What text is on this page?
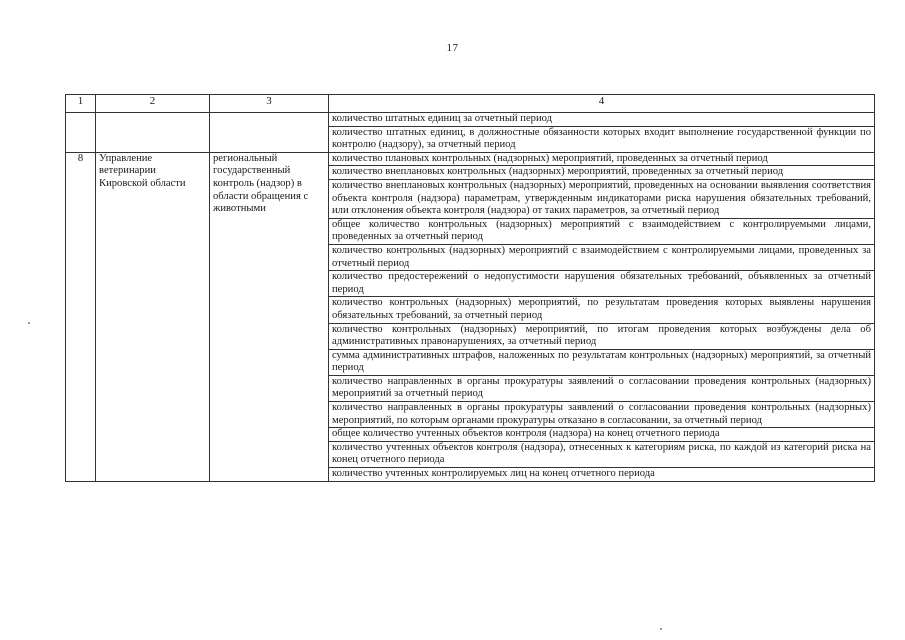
17
1	2	3	4
			количество штатных единиц за отчетный период
			количество штатных единиц, в должностные обязанности которых входит выполнение государственной функции по контролю (надзору), за отчетный период
8	Управление ветеринарии Кировской области	региональный государственный контроль (надзор) в области обращения с животными	количество плановых контрольных (надзорных) мероприятий, проведенных за отчетный период
			количество внеплановых контрольных (надзорных) мероприятий, проведенных за отчетный период
			количество внеплановых контрольных (надзорных) мероприятий, проведенных на основании выявления соответствия объекта контроля (надзора) параметрам, утвержденным индикаторами риска нарушения обязательных требований, или отклонения объекта контроля (надзора) от таких параметров, за отчетный период
			общее количество контрольных (надзорных) мероприятий с взаимодействием с контролируемыми лицами, проведенных за отчетный период
			количество контрольных (надзорных) мероприятий с взаимодействием с контролируемыми лицами, проведенных за отчетный период
			количество предостережений о недопустимости нарушения обязательных требований, объявленных за отчетный период
			количество контрольных (надзорных) мероприятий, по результатам проведения которых выявлены нарушения обязательных требований, за отчетный период
			количество контрольных (надзорных) мероприятий, по итогам проведения которых возбуждены дела об административных правонарушениях, за отчетный период
			сумма административных штрафов, наложенных по результатам контрольных (надзорных) мероприятий, за отчетный период
			количество направленных в органы прокуратуры заявлений о согласовании проведения контрольных (надзорных) мероприятий за отчетный период
			количество направленных в органы прокуратуры заявлений о согласовании проведения контрольных (надзорных) мероприятий, по которым органами прокуратуры отказано в согласовании, за отчетный период
			общее количество учтенных объектов контроля (надзора) на конец отчетного периода
			количество учтенных объектов контроля (надзора), отнесенных к категориям риска, по каждой из категорий риска на конец отчетного периода
			количество учтенных контролируемых лиц на конец отчетного периода
